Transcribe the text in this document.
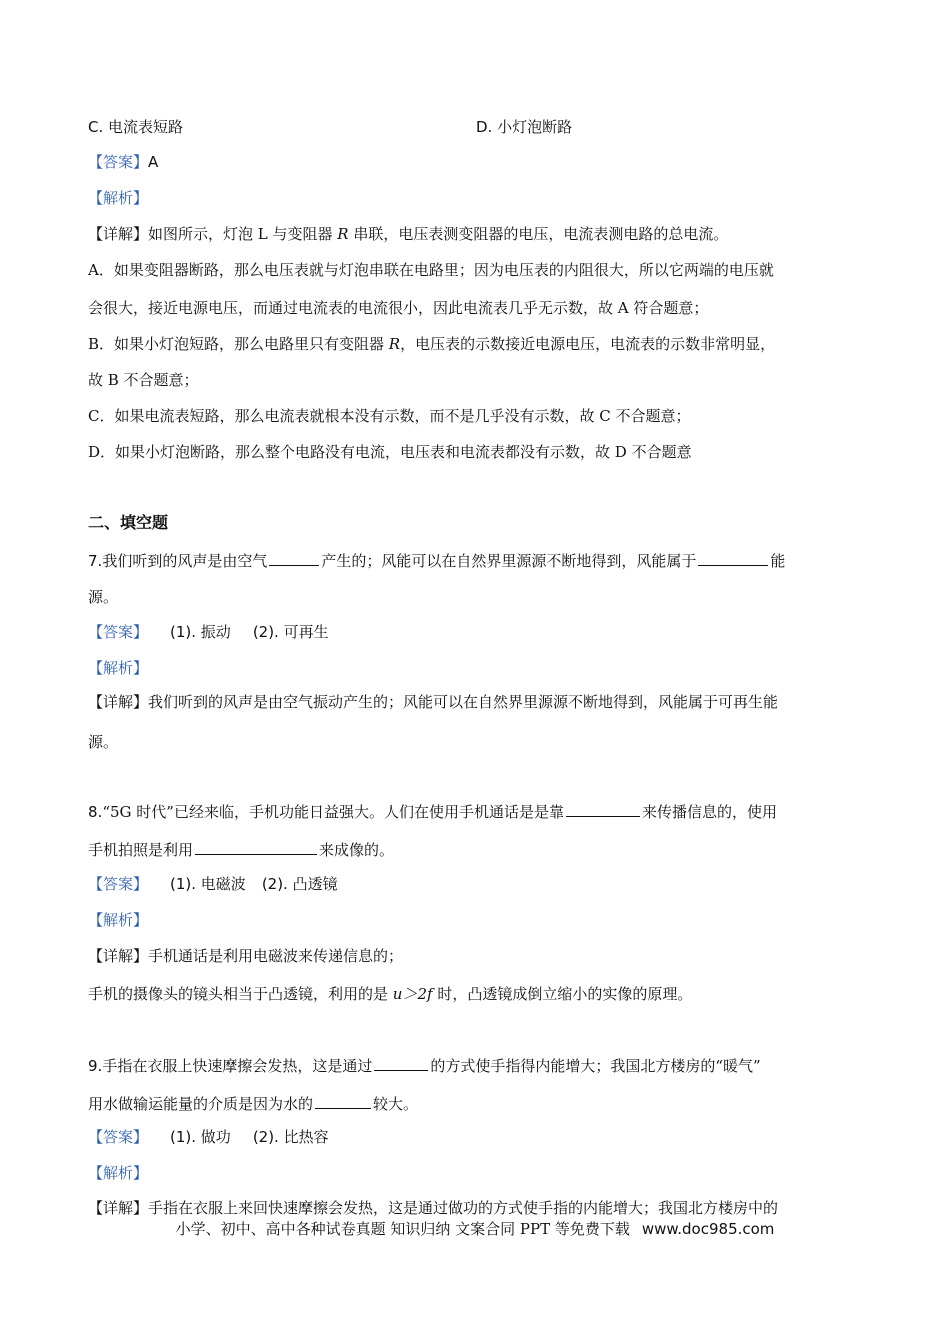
C. 电流表短路	D. 小灯泡断路
【答案】A
【解析】
【详解】如图所示，灯泡 L 与变阻器 R 串联，电压表测变阻器的电压，电流表测电路的总电流。
A．如果变阻器断路，那么电压表就与灯泡串联在电路里；因为电压表的内阻很大，所以它两端的电压就
会很大，接近电源电压，而通过电流表的电流很小，因此电流表几乎无示数，故 A 符合题意；
B．如果小灯泡短路，那么电路里只有变阻器 R，电压表的示数接近电源电压，电流表的示数非常明显，
故 B 不合题意；
C．如果电流表短路，那么电流表就根本没有示数，而不是几乎没有示数，故 C 不合题意；
D．如果小灯泡断路，那么整个电路没有电流，电压表和电流表都没有示数，故 D 不合题意
二、填空题
7.我们听到的风声是由空气	产生的；风能可以在自然界里源源不断地得到，风能属于	能
源。
【答案】 (1). 振动 (2). 可再生
【解析】
【详解】我们听到的风声是由空气振动产生的；风能可以在自然界里源源不断地得到，风能属于可再生能
源。
8.“5G 时代”已经来临，手机功能日益强大。人们在使用手机通话是是靠	来传播信息的，使用
手机拍照是利用	来成像的。
【答案】 (1). 电磁波 (2). 凸透镜
【解析】
【详解】手机通话是利用电磁波来传递信息的；
手机的摄像头的镜头相当于凸透镜，利用的是 u＞2f 时，凸透镜成倒立缩小的实像的原理。
9.手指在衣服上快速摩擦会发热，这是通过	的方式使手指得内能增大；我国北方楼房的“暖气”
用水做输运能量的介质是因为水的	较大。
【答案】 (1). 做功 (2). 比热容
【解析】
【详解】手指在衣服上来回快速摩擦会发热，这是通过做功的方式使手指的内能增大；我国北方楼房中的
小学、初中、高中各种试卷真题 知识归纳 文案合同 PPT 等免费下载 www.doc985.com
